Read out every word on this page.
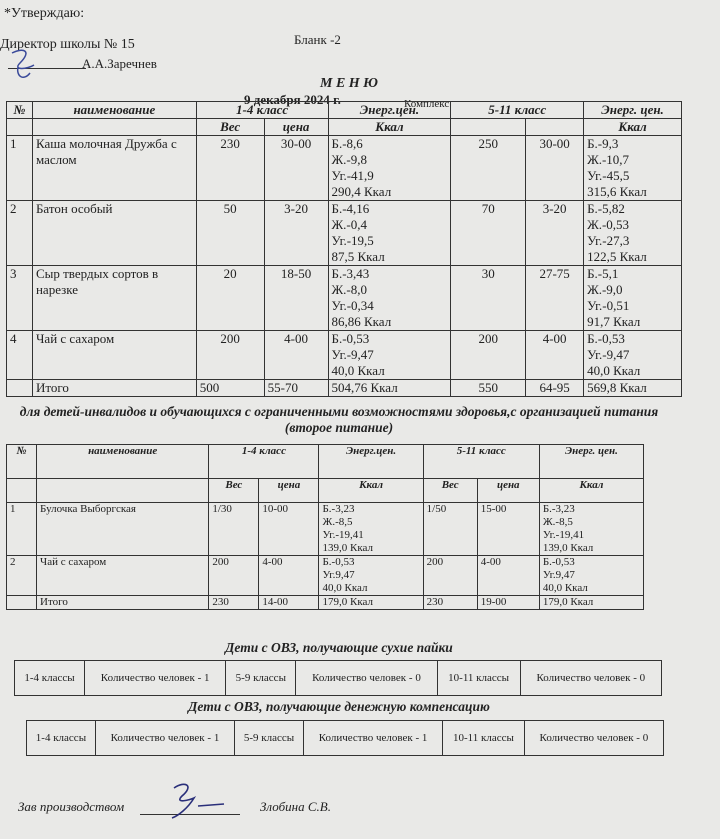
*Утверждаю:
Директор школы № 15
А.А.Заречнев
Бланк -2
М Е Н Ю
9 декабря 2024 г.	Комплекс
№	наименование	1-4 класс		Энерг.цен.	5-11 класс		Энерг. цен.
		Вес	цена	Ккал			Ккал
1	Каша молочная Дружба с маслом	230	30-00	Б.-8,6
Ж.-9,8
Уг.-41,9
290,4 Ккал	250	30-00	Б.-9,3
Ж.-10,7
Уг.-45,5
315,6 Ккал

2	Батон особый	50	3-20	Б.-4,16
Ж.-0,4
Уг.-19,5
87,5 Ккал	70	3-20	Б.-5,82
Ж.-0,53
Уг.-27,3
122,5 Ккал

3	Сыр твердых сортов в нарезке	20	18-50	Б.-3,43
Ж.-8,0
Уг.-0,34
86,86 Ккал	30	27-75	Б.-5,1
Ж.-9,0
Уг.-0,51
91,7 Ккал

4	Чай с сахаром	200	4-00	Б.-0,53
Уг.-9,47
40,0 Ккал	200	4-00	Б.-0,53
Уг.-9,47
40,0 Ккал

	Итого	500	55-70	504,76 Ккал	550	64-95	569,8 Ккал
для детей-инвалидов и обучающихся с ограниченными возможностями здоровья,с организацией питания (второе питание)
№	наименование	1-4 класс		Энерг.цен.	5-11 класс		Энерг. цен.
		Вес	цена	Ккал	Вес	цена	Ккал
1	Булочка Выборгская	1/30	10-00	Б.-3,23
Ж.-8,5
Уг.-19,41
139,0 Ккал	1/50	15-00	Б.-3,23
Ж.-8,5
Уг.-19,41
139,0 Ккал

2	Чай с сахаром	200	4-00	Б.-0,53
Уг.9,47
40,0 Ккал	200	4-00	Б.-0,53
Уг.9,47
40,0 Ккал

	Итого	230	14-00	179,0 Ккал	230	19-00	179,0 Ккал
Дети с ОВЗ, получающие сухие пайки
1-4 классы	Количество человек - 1	5-9 классы	Количество человек - 0	10-11 классы	Количество человек - 0
Дети с ОВЗ, получающие денежную компенсацию
1-4 классы	Количество человек - 1	5-9 классы	Количество человек - 1	10-11 классы	Количество человек - 0
Зав производством	Злобина С.В.
